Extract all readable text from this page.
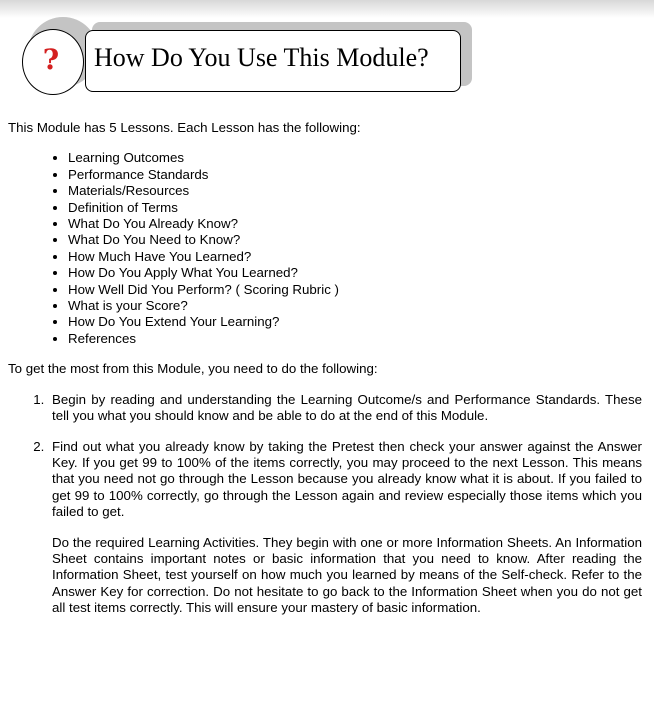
? How Do You Use This Module?

This Module has 5 Lessons. Each Lesson has the following:

• Learning Outcomes
• Performance Standards
• Materials/Resources
• Definition of Terms
• What Do You Already Know?
• What Do You Need to Know?
• How Much Have You Learned?
• How Do You Apply What You Learned?
• How Well Did You Perform? ( Scoring Rubric )
• What is your Score?
• How Do You Extend Your Learning?
• References

To get the most from this Module, you need to do the following:

1. Begin by reading and understanding the Learning Outcome/s and Performance Standards. These tell you what you should know and be able to do at the end of this Module.
2. Find out what you already know by taking the Pretest then check your answer against the Answer Key. If you get 99 to 100% of the items correctly, you may proceed to the next Lesson. This means that you need not go through the Lesson because you already know what it is about. If you failed to get 99 to 100% correctly, go through the Lesson again and review especially those items which you failed to get.

Do the required Learning Activities. They begin with one or more Information Sheets. An Information Sheet contains important notes or basic information that you need to know. After reading the Information Sheet, test yourself on how much you learned by means of the Self-check. Refer to the Answer Key for correction. Do not hesitate to go back to the Information Sheet when you do not get all test items correctly. This will ensure your mastery of basic information.
